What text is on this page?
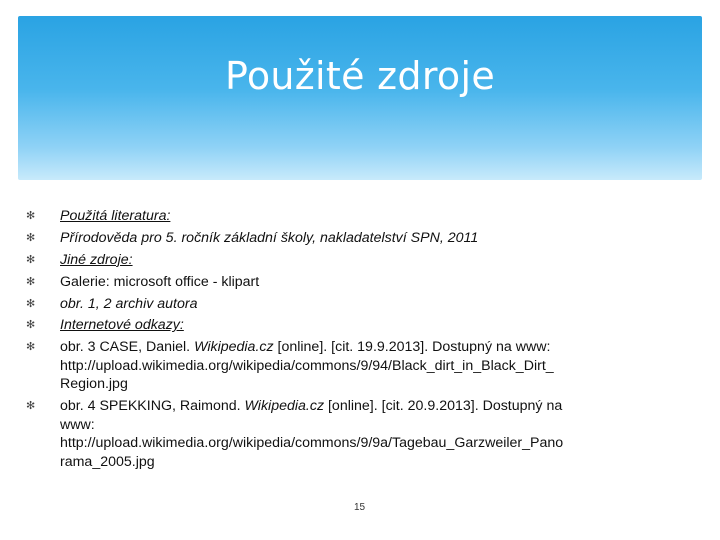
Použité zdroje
✻	Použitá literatura:
✻	Přírodověda pro 5. ročník základní školy, nakladatelství SPN, 2011
✻	Jiné zdroje:
✻	Galerie: microsoft office - klipart
✻	obr. 1, 2 archiv autora
✻	Internetové odkazy:
✻	obr. 3 CASE, Daniel. Wikipedia.cz [online]. [cit. 19.9.2013]. Dostupný na www:
http://upload.wikimedia.org/wikipedia/commons/9/94/Black_dirt_in_Black_Dirt_
Region.jpg
✻	obr. 4 SPEKKING, Raimond. Wikipedia.cz [online]. [cit. 20.9.2013]. Dostupný na
www:
http://upload.wikimedia.org/wikipedia/commons/9/9a/Tagebau_Garzweiler_Pano
rama_2005.jpg
15
